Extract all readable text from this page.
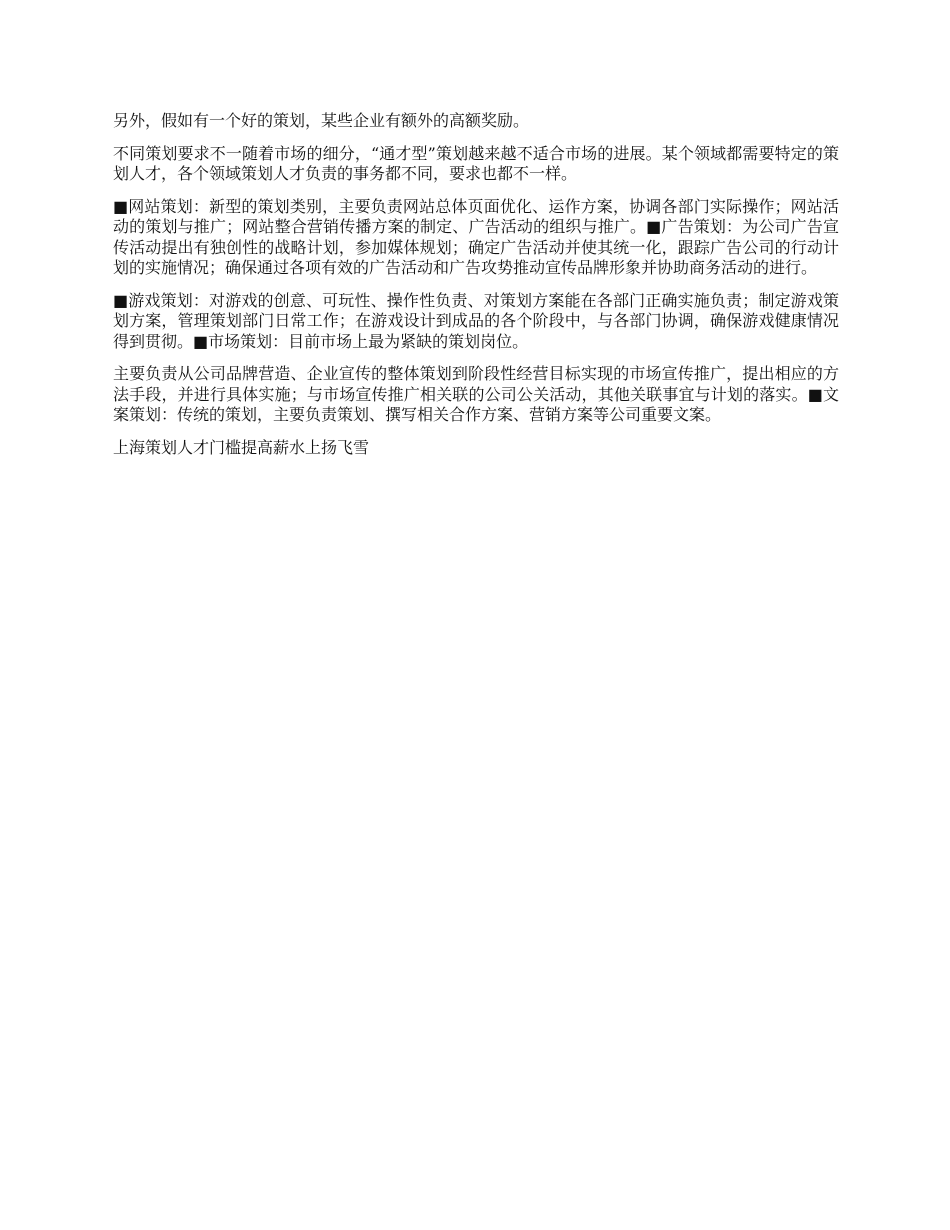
另外，假如有一个好的策划，某些企业有额外的高额奖励。

不同策划要求不一随着市场的细分，“通才型”策划越来越不适合市场的进展。某个领域都需要特定的策划人才，各个领域策划人才负责的事务都不同，要求也都不一样。

■网站策划：新型的策划类别，主要负责网站总体页面优化、运作方案，协调各部门实际操作；网站活动的策划与推广；网站整合营销传播方案的制定、广告活动的组织与推广。■广告策划：为公司广告宣传活动提出有独创性的战略计划，参加媒体规划；确定广告活动并使其统一化，跟踪广告公司的行动计划的实施情况；确保通过各项有效的广告活动和广告攻势推动宣传品牌形象并协助商务活动的进行。

■游戏策划：对游戏的创意、可玩性、操作性负责、对策划方案能在各部门正确实施负责；制定游戏策划方案，管理策划部门日常工作；在游戏设计到成品的各个阶段中，与各部门协调，确保游戏健康情况得到贯彻。■市场策划：目前市场上最为紧缺的策划岗位。

主要负责从公司品牌营造、企业宣传的整体策划到阶段性经营目标实现的市场宣传推广，提出相应的方法手段，并进行具体实施；与市场宣传推广相关联的公司公关活动，其他关联事宜与计划的落实。■文案策划：传统的策划，主要负责策划、撰写相关合作方案、营销方案等公司重要文案。

上海策划人才门槛提高薪水上扬飞雪
